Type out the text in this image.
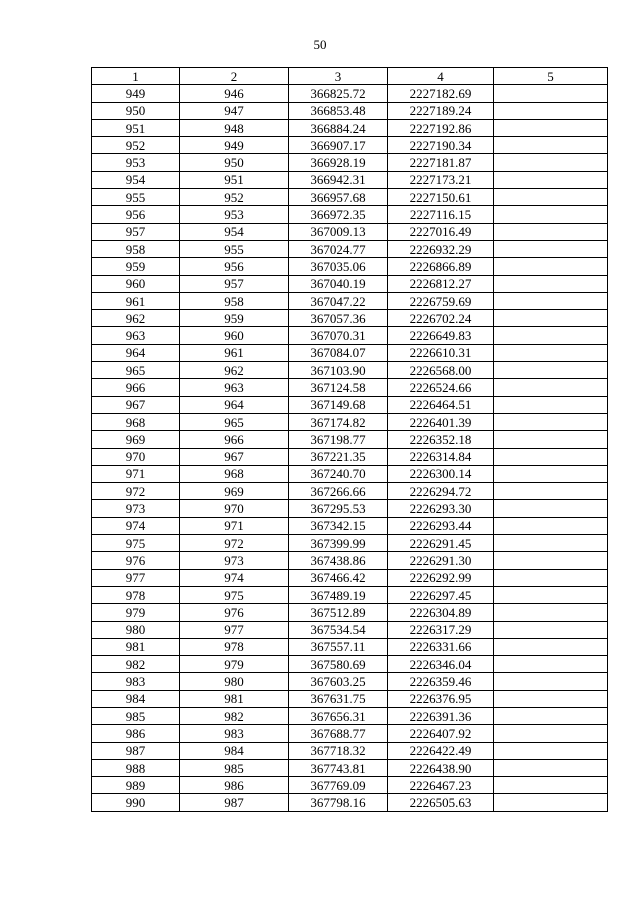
50
1	2	3	4	5
949	946	366825.72	2227182.69	
950	947	366853.48	2227189.24	
951	948	366884.24	2227192.86	
952	949	366907.17	2227190.34	
953	950	366928.19	2227181.87	
954	951	366942.31	2227173.21	
955	952	366957.68	2227150.61	
956	953	366972.35	2227116.15	
957	954	367009.13	2227016.49	
958	955	367024.77	2226932.29	
959	956	367035.06	2226866.89	
960	957	367040.19	2226812.27	
961	958	367047.22	2226759.69	
962	959	367057.36	2226702.24	
963	960	367070.31	2226649.83	
964	961	367084.07	2226610.31	
965	962	367103.90	2226568.00	
966	963	367124.58	2226524.66	
967	964	367149.68	2226464.51	
968	965	367174.82	2226401.39	
969	966	367198.77	2226352.18	
970	967	367221.35	2226314.84	
971	968	367240.70	2226300.14	
972	969	367266.66	2226294.72	
973	970	367295.53	2226293.30	
974	971	367342.15	2226293.44	
975	972	367399.99	2226291.45	
976	973	367438.86	2226291.30	
977	974	367466.42	2226292.99	
978	975	367489.19	2226297.45	
979	976	367512.89	2226304.89	
980	977	367534.54	2226317.29	
981	978	367557.11	2226331.66	
982	979	367580.69	2226346.04	
983	980	367603.25	2226359.46	
984	981	367631.75	2226376.95	
985	982	367656.31	2226391.36	
986	983	367688.77	2226407.92	
987	984	367718.32	2226422.49	
988	985	367743.81	2226438.90	
989	986	367769.09	2226467.23	
990	987	367798.16	2226505.63	
